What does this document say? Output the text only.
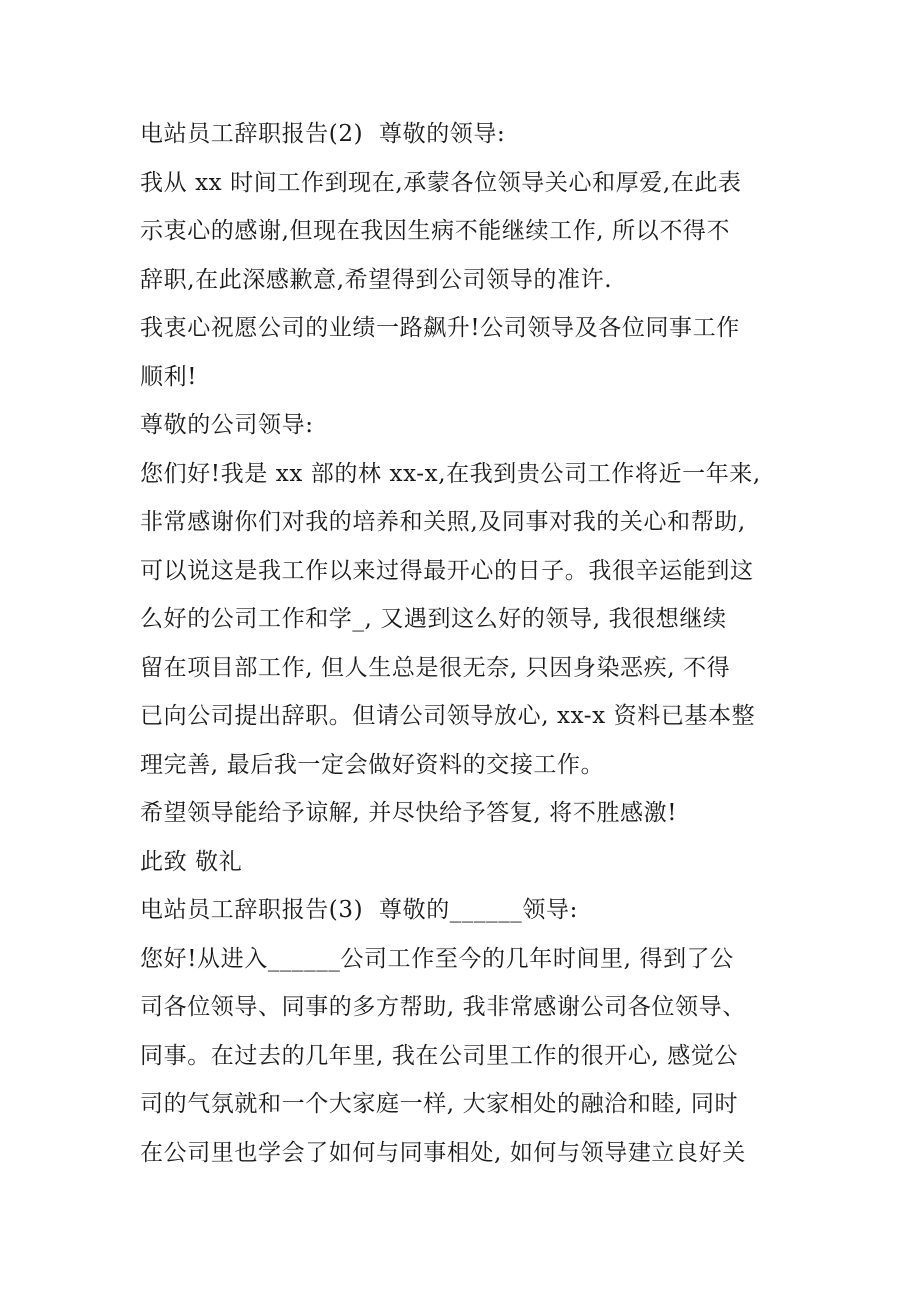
电站员工辞职报告(2)  尊敬的领导:
我从 xx 时间工作到现在,承蒙各位领导关心和厚爱,在此表
示衷心的感谢,但现在我因生病不能继续工作, 所以不得不
辞职,在此深感歉意,希望得到公司领导的准许.
我衷心祝愿公司的业绩一路飙升!公司领导及各位同事工作
顺利!
尊敬的公司领导:
您们好!我是 xx 部的林 xx-x,在我到贵公司工作将近一年来,
非常感谢你们对我的培养和关照,及同事对我的关心和帮助,
可以说这是我工作以来过得最开心的日子。我很辛运能到这
么好的公司工作和学_, 又遇到这么好的领导, 我很想继续
留在项目部工作, 但人生总是很无奈, 只因身染恶疾, 不得
已向公司提出辞职。但请公司领导放心, xx-x 资料已基本整
理完善, 最后我一定会做好资料的交接工作。
希望领导能给予谅解, 并尽快给予答复, 将不胜感激!
此致 敬礼
电站员工辞职报告(3)  尊敬的______领导:
您好!从进入______公司工作至今的几年时间里, 得到了公
司各位领导、同事的多方帮助, 我非常感谢公司各位领导、
同事。在过去的几年里, 我在公司里工作的很开心, 感觉公
司的气氛就和一个大家庭一样, 大家相处的融洽和睦, 同时
在公司里也学会了如何与同事相处, 如何与领导建立良好关
